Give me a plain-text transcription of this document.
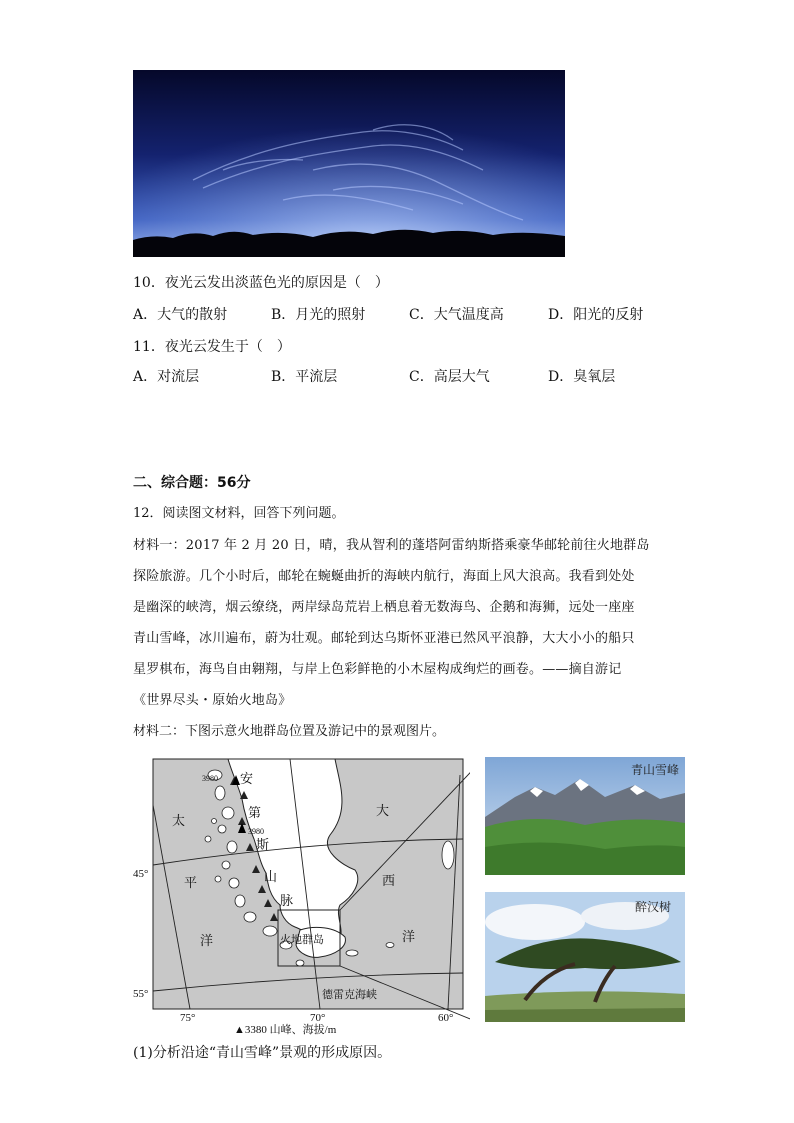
10．夜光云发出淡蓝色光的原因是（　）
A．大气的散射	B．月光的照射	C．大气温度高	D．阳光的反射
11．夜光云发生于（　）
A．对流层	B．平流层	C．高层大气	D．臭氧层
二、综合题：56分
12．阅读图文材料，回答下列问题。

材料一：2017 年 2 月 20 日，晴，我从智利的蓬塔阿雷纳斯搭乘豪华邮轮前往火地群岛

探险旅游。几个小时后，邮轮在蜿蜒曲折的海峡内航行，海面上风大浪高。我看到处处

是幽深的峡湾，烟云缭绕，两岸绿岛荒岩上栖息着无数海鸟、企鹅和海狮，远处一座座

青山雪峰，冰川遍布，蔚为壮观。邮轮到达乌斯怀亚港已然风平浪静，大大小小的船只

星罗棋布，海鸟自由翱翔，与岸上色彩鲜艳的小木屋构成绚烂的画卷。——摘自游记

《世界尽头・原始火地岛》

材料二：下图示意火地群岛位置及游记中的景观图片。
3980
3980
安
第
斯
山
脉
太
平
洋
大
西
洋
火地群岛
德雷克海峡
45°
55°
75°	70°	60°
▲3380 山峰、海拔/m
青山雪峰
醉汉树
(1)分析沿途“青山雪峰”景观的形成原因。
